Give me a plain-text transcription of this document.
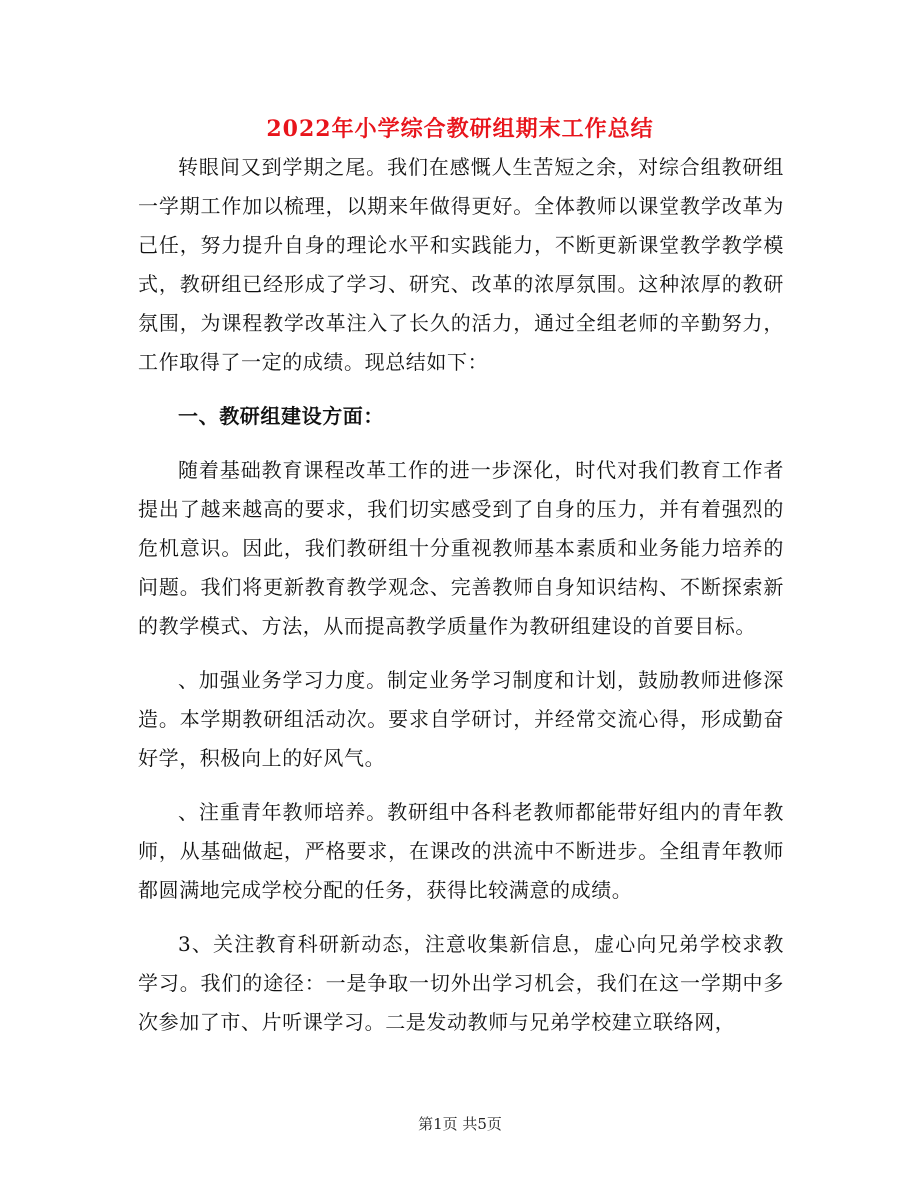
2022年小学综合教研组期末工作总结

转眼间又到学期之尾。我们在感慨人生苦短之余，对综合组教研组一学期工作加以梳理，以期来年做得更好。全体教师以课堂教学改革为己任，努力提升自身的理论水平和实践能力，不断更新课堂教学教学模式，教研组已经形成了学习、研究、改革的浓厚氛围。这种浓厚的教研氛围，为课程教学改革注入了长久的活力，通过全组老师的辛勤努力，工作取得了一定的成绩。现总结如下：

一、教研组建设方面：

随着基础教育课程改革工作的进一步深化，时代对我们教育工作者提出了越来越高的要求，我们切实感受到了自身的压力，并有着强烈的危机意识。因此，我们教研组十分重视教师基本素质和业务能力培养的问题。我们将更新教育教学观念、完善教师自身知识结构、不断探索新的教学模式、方法，从而提高教学质量作为教研组建设的首要目标。

、加强业务学习力度。制定业务学习制度和计划，鼓励教师进修深造。本学期教研组活动次。要求自学研讨，并经常交流心得，形成勤奋好学，积极向上的好风气。

、注重青年教师培养。教研组中各科老教师都能带好组内的青年教师，从基础做起，严格要求，在课改的洪流中不断进步。全组青年教师都圆满地完成学校分配的任务，获得比较满意的成绩。

3、关注教育科研新动态，注意收集新信息，虚心向兄弟学校求教学习。我们的途径：一是争取一切外出学习机会，我们在这一学期中多次参加了市、片听课学习。二是发动教师与兄弟学校建立联络网，

第1页 共5页
